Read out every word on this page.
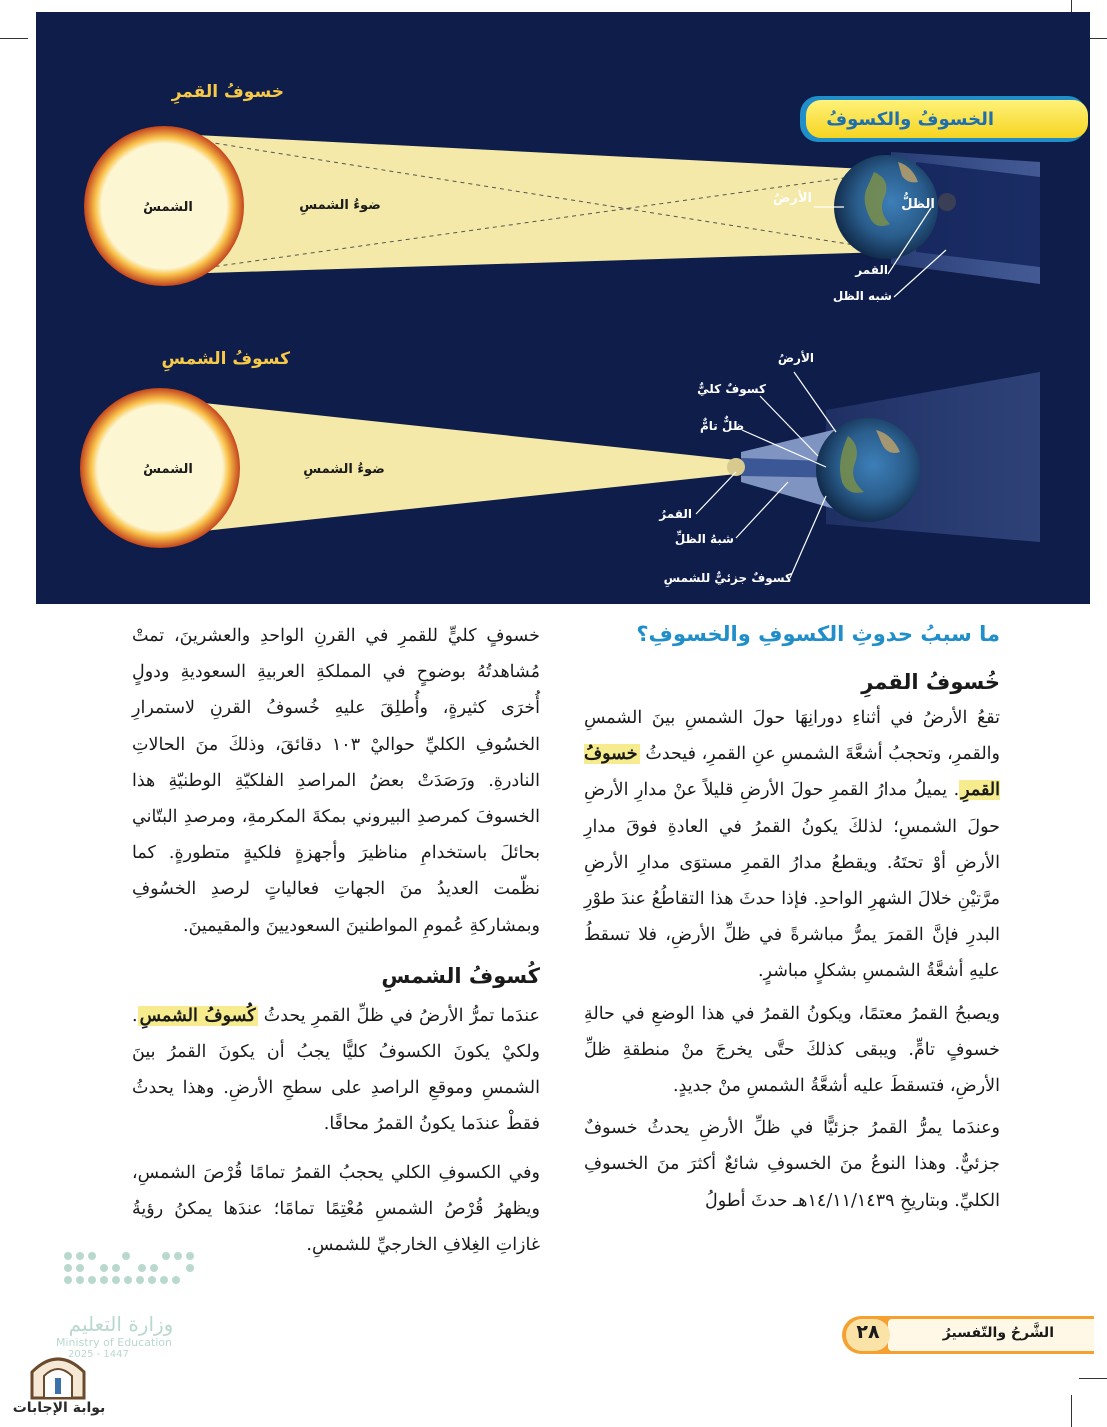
خسوفُ القمرِ
الشمسُ	ضوءُ الشمسِ	الأرضُ	الظلُّ
القمر
شبه الظل
الخسوفُ والكسوفُ
كسوفُ الشمسِ
الشمسُ	ضوءُ الشمسِ
الأرضُ
كسوفٌ كليٌّ
ظلٌّ تامٌّ
القمرُ
شبهُ الظلِّ
كسوفٌ جزئيٌّ للشمسِ
ما سببُ حدوثِ الكسوفِ والخسوفِ؟
خُسوفُ القمرِ

تقعُ الأرضُ في أثناءِ دورانِهَا حولَ الشمسِ بينَ الشمسِ والقمرِ، وتحجبُ أشعَّةَ الشمسِ عنِ القمرِ، فيحدثُ خسوفُ القمرِ. يميلُ مدارُ القمرِ حولَ الأرضِ قليلاً عنْ مدارِ الأرضِ حولَ الشمسِ؛ لذلكَ يكونُ القمرُ في العادةِ فوقَ مدارِ الأرضِ أوْ تحتَهُ. ويقطعُ مدارُ القمرِ مستوَى مدارِ الأرضِ مرَّتيْنِ خلالَ الشهرِ الواحدِ. فإذا حدثَ هذا التقاطُعُ عندَ طوْرِ البدرِ فإنَّ القمرَ يمرُّ مباشرةً في ظلِّ الأرضِ، فلا تسقطُ عليهِ أشعَّةُ الشمسِ بشكلٍ مباشرٍ.

ويصبحُ القمرُ معتمًا، ويكونُ القمرُ في هذا الوضعِ في حالةِ خسوفٍ تامٍّ. ويبقى كذلكَ حتَّى يخرجَ منْ منطقةِ ظلِّ الأرضِ، فتسقطَ عليه أشعَّةُ الشمسِ منْ جديدٍ.

وعندَما يمرُّ القمرُ جزئيًّا في ظلِّ الأرضِ يحدثُ خسوفٌ جزئيٌّ. وهذا النوعُ منَ الخسوفِ شائعٌ أكثرَ منَ الخسوفِ الكليِّ. وبتاريخِ ١٤/١١/١٤٣٩هـ حدثَ أطولُ

خسوفٍ كليٍّ للقمرِ في القرنِ الواحدِ والعشرينَ، تمتْ مُشاهدتُهُ بوضوحٍ في المملكةِ العربيةِ السعوديةِ ودولٍ أُخرَى كثيرةٍ، وأُطلِقَ عليهِ خُسوفُ القرنِ لاستمرارِ الخسُوفِ الكليِّ حواليْ ١٠٣ دقائقَ، وذلكَ منَ الحالاتِ النادرةِ. ورَصَدَتْ بعضُ المراصدِ الفلكيّةِ الوطنيّةِ هذا الخسوفَ كمرصدِ البيروني بمكةَ المكرمةِ، ومرصدِ البتّاني بحائلَ باستخدامِ مناظيرَ وأجهزةٍ فلكيةٍ متطورةٍ. كما نظّمت العديدُ منَ الجهاتِ فعالياتٍ لرصدِ الخسُوفِ وبمشاركةِ عُمومِ المواطنينَ السعوديينَ والمقيمينَ.

كُسوفُ الشمسِ

عندَما تمرُّ الأرضُ في ظلِّ القمرِ يحدثُ كُسوفُ الشمسِ. ولكيْ يكونَ الكسوفُ كليًّا يجبُ أن يكونَ القمرُ بينَ الشمسِ وموقعِ الراصدِ على سطحِ الأرضِ. وهذا يحدثُ فقطْ عندَما يكونُ القمرُ محاقًا.

وفي الكسوفِ الكلي يحجبُ القمرُ تمامًا قُرْصَ الشمسِ، ويظهرُ قُرْصُ الشمسِ مُعْتِمًا تمامًا؛ عندَها يمكنُ رؤيةُ غازاتِ الغِلافِ الخارجيِّ للشمسِ.

٢٨	الشَّرحُ والتّفسيرُ
وزارة التعليم
Ministry of Education
2025 - 1447
بوابة الإجابات
